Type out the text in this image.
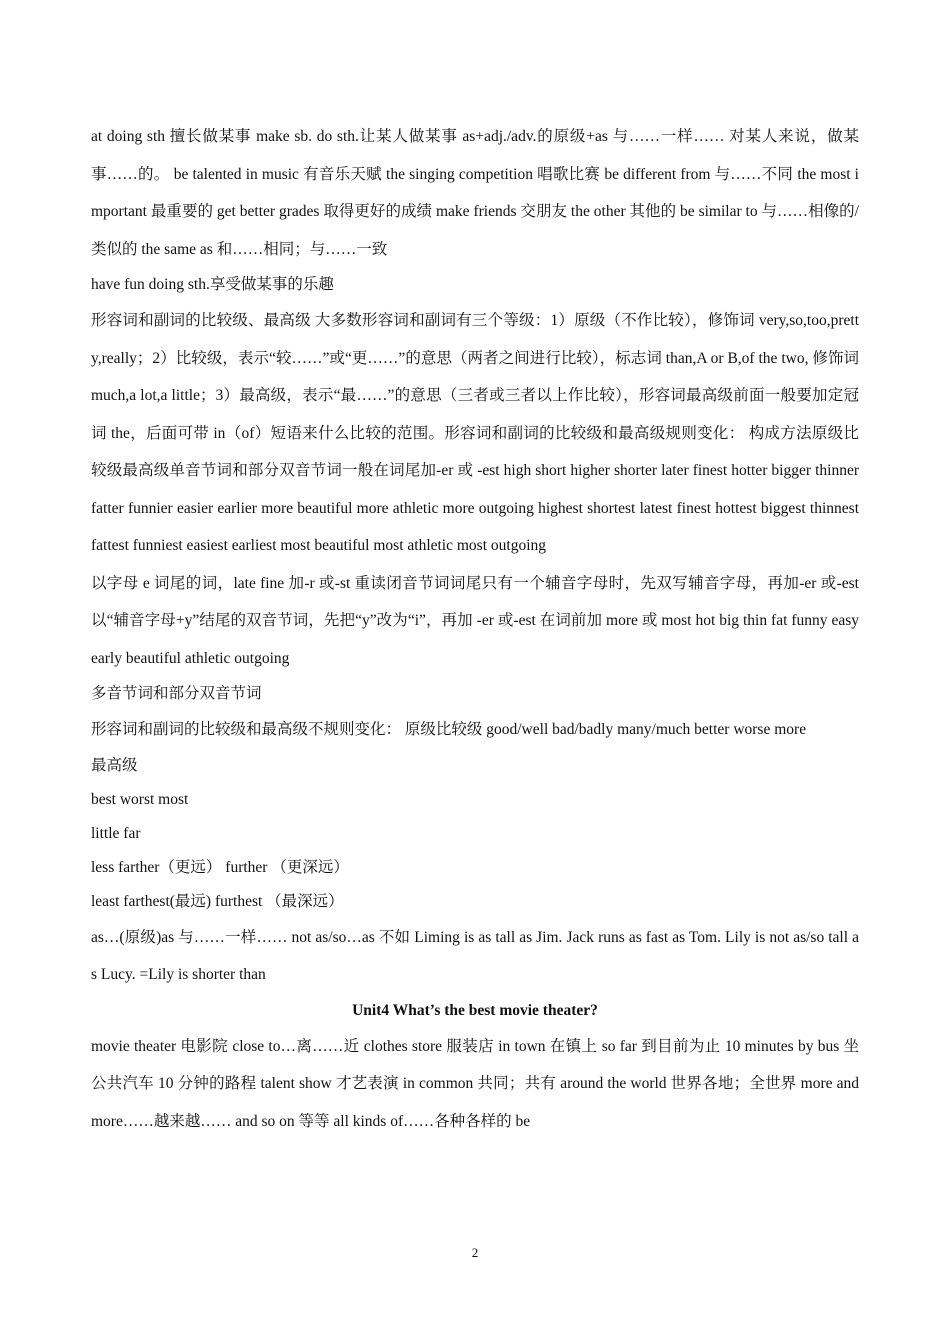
at doing sth 擅长做某事 make sb. do sth.让某人做某事 as+adj./adv.的原级+as 与……一样…… 对某人来说，做某事……的。 be talented in music 有音乐天赋 the singing competition 唱歌比赛 be different from 与……不同 the most important 最重要的 get better grades 取得更好的成绩 make friends 交朋友 the other 其他的 be similar to 与……相像的/类似的 the same as 和……相同；与……一致

have fun doing sth.享受做某事的乐趣

形容词和副词的比较级、最高级 大多数形容词和副词有三个等级：1）原级（不作比较），修饰词 very,so,too,pretty,really；2）比较级，表示“较……”或“更……”的意思（两者之间进行比较），标志词 than,A or B,of the two, 修饰词 much,a lot,a little；3）最高级，表示“最……”的意思（三者或三者以上作比较），形容词最高级前面一般要加定冠词 the，后面可带 in（of）短语来什么比较的范围。形容词和副词的比较级和最高级规则变化： 构成方法原级比较级最高级单音节词和部分双音节词一般在词尾加-er 或 -est high short higher shorter later finest hotter bigger thinner fatter funnier easier earlier more beautiful more athletic more outgoing highest shortest latest finest hottest biggest thinnest fattest funniest easiest earliest most beautiful most athletic most outgoing

以字母 e 词尾的词，late fine 加-r 或-st 重读闭音节词词尾只有一个辅音字母时，先双写辅音字母，再加-er 或-est 以“辅音字母+y”结尾的双音节词，先把“y”改为“i”，再加 -er 或-est 在词前加 more 或 most hot big thin fat funny easy early beautiful athletic outgoing

多音节词和部分双音节词

形容词和副词的比较级和最高级不规则变化： 原级比较级 good/well bad/badly many/much better worse more

最高级

best worst most

little far

less farther（更远） further （更深远）

least farthest(最远) furthest （最深远）

as…(原级)as 与……一样…… not as/so…as 不如 Liming is as tall as Jim. Jack runs as fast as Tom. Lily is not as/so tall as Lucy. =Lily is shorter than

Unit4 What’s the best movie theater?

movie theater 电影院 close to…离……近 clothes store 服装店 in town 在镇上 so far 到目前为止 10 minutes by bus 坐公共汽车 10 分钟的路程 talent show 才艺表演 in common 共同；共有 around the world 世界各地；全世界 more and more……越来越…… and so on 等等 all kinds of……各种各样的 be

2
